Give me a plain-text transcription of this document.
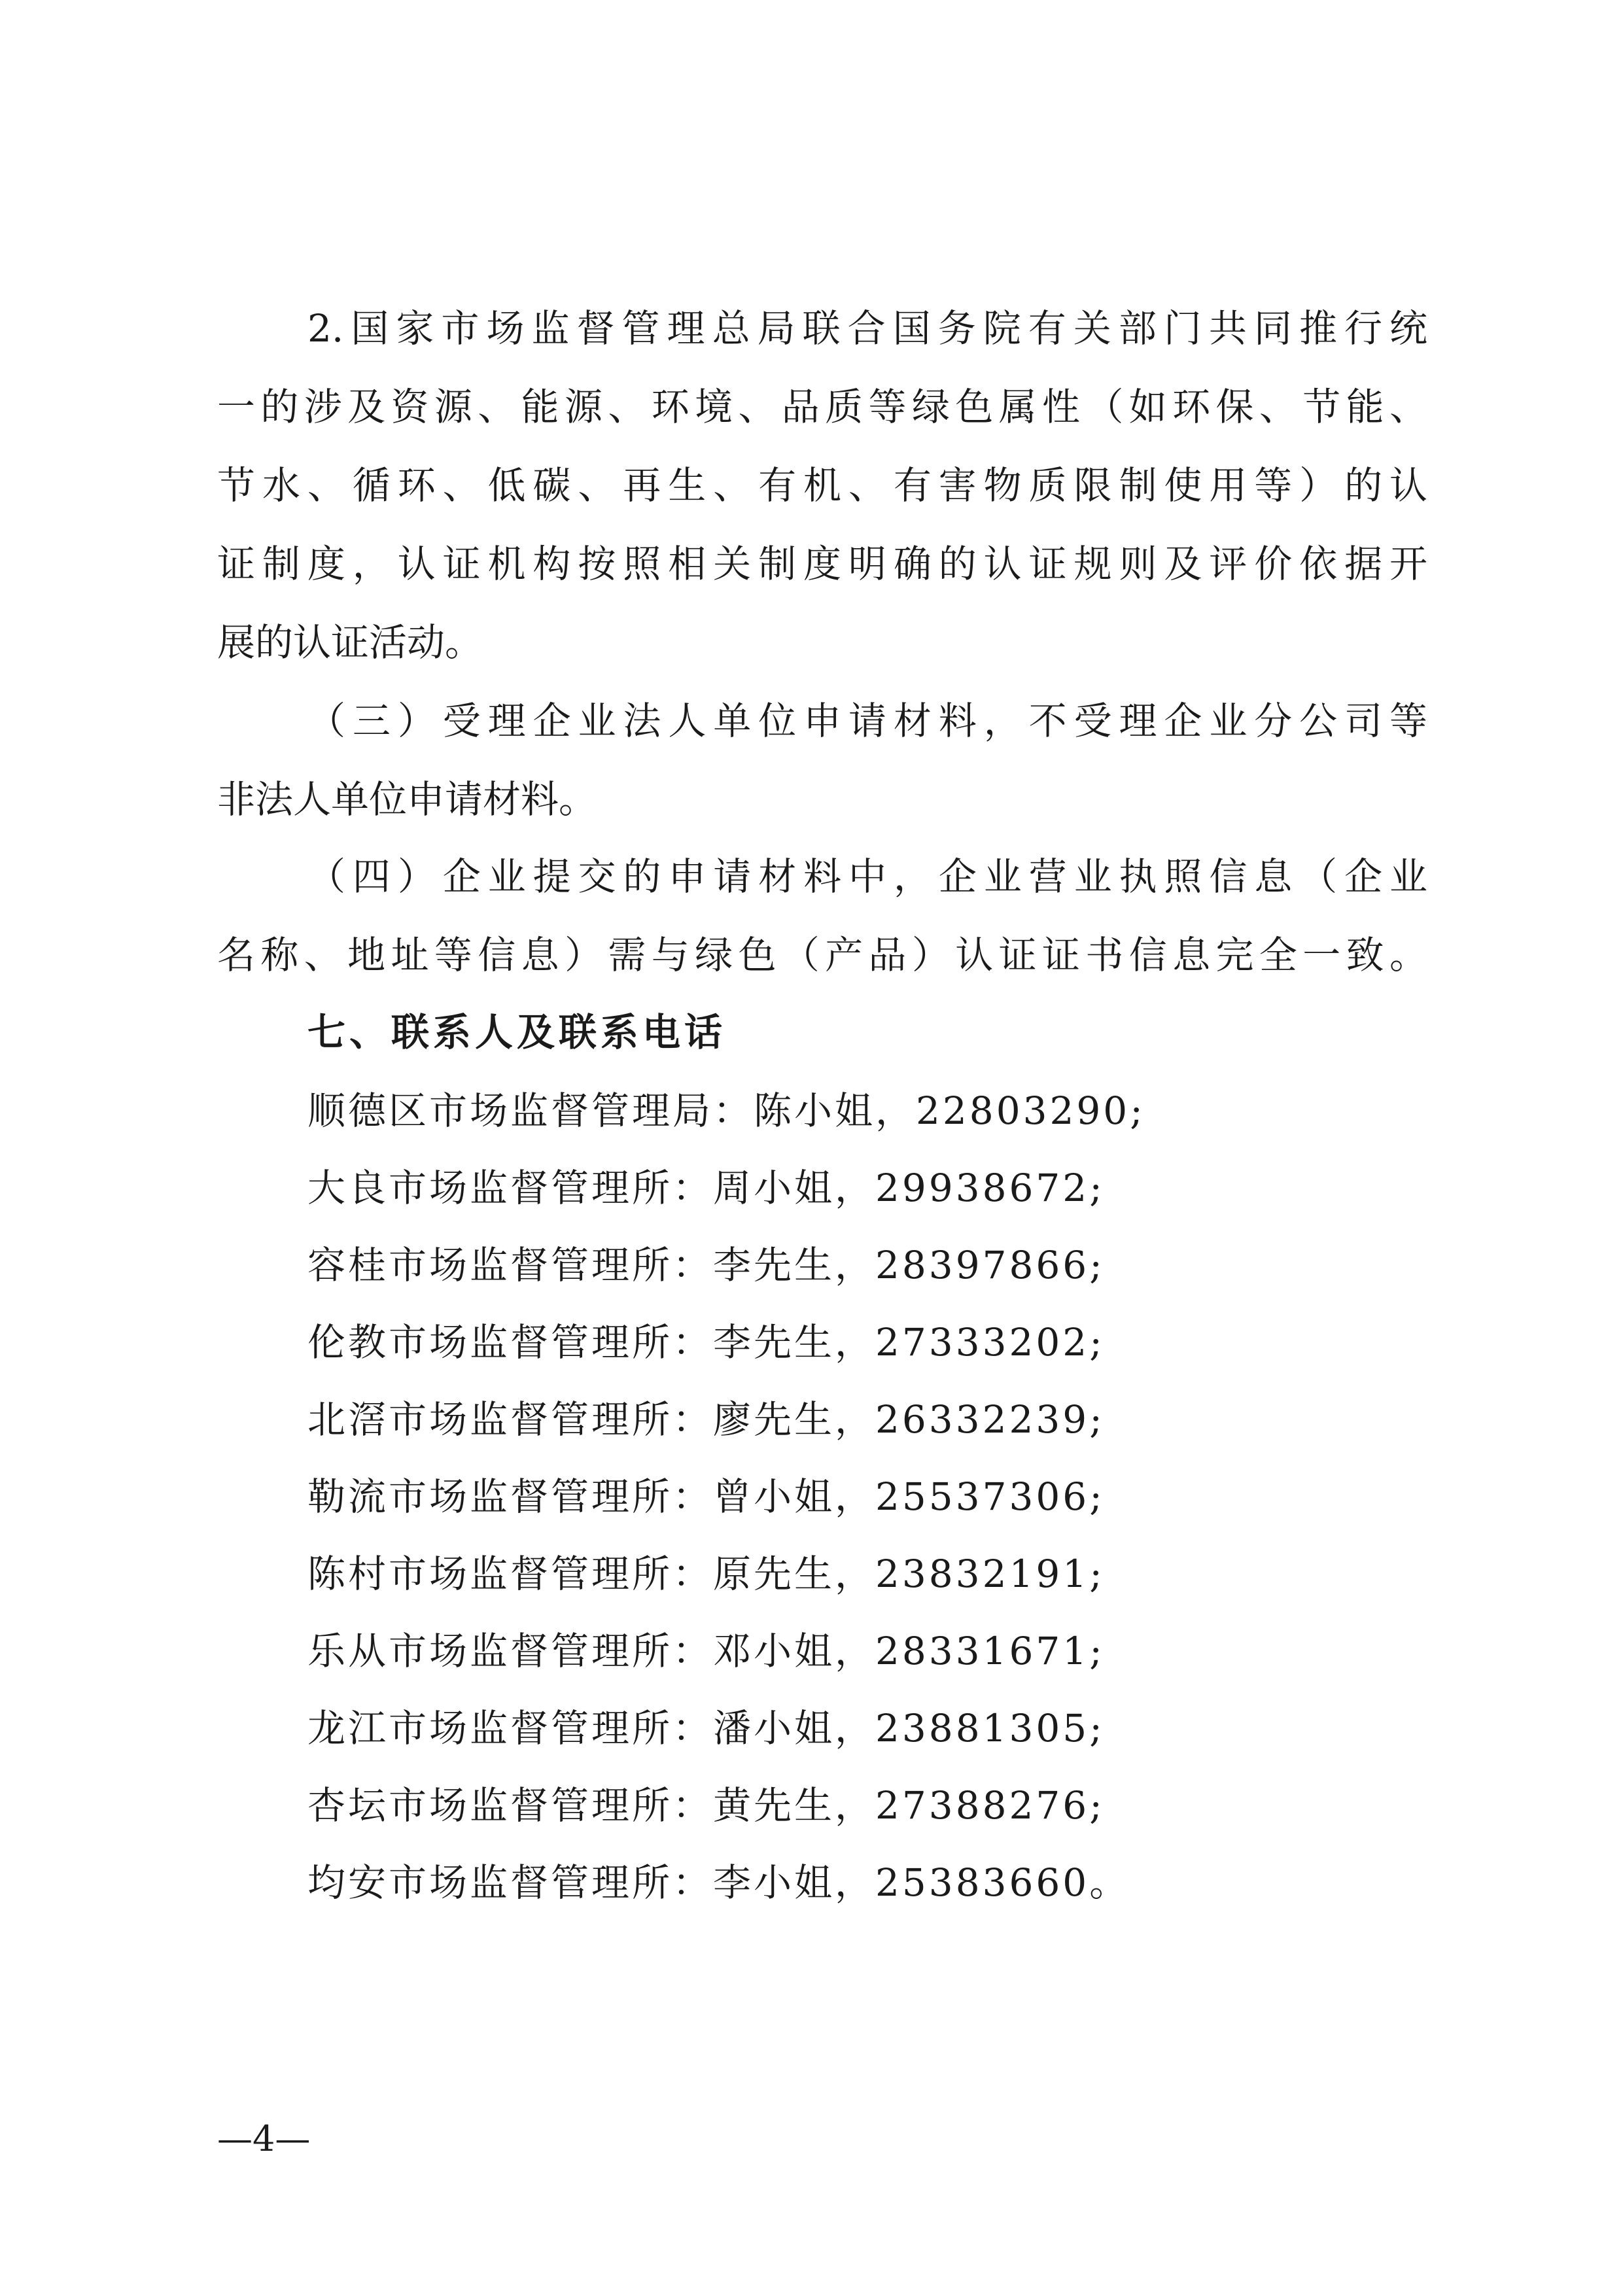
2.国家市场监督管理总局联合国务院有关部门共同推行统
一的涉及资源、能源、环境、品质等绿色属性（如环保、节能、
节水、循环、低碳、再生、有机、有害物质限制使用等）的认
证制度，认证机构按照相关制度明确的认证规则及评价依据开
展的认证活动。
（三）受理企业法人单位申请材料，不受理企业分公司等
非法人单位申请材料。
（四）企业提交的申请材料中，企业营业执照信息（企业
名称、地址等信息）需与绿色（产品）认证证书信息完全一致。
七、联系人及联系电话
顺德区市场监督管理局：陈小姐，22803290;
大良市场监督管理所：周小姐，29938672;
容桂市场监督管理所：李先生，28397866;
伦教市场监督管理所：李先生，27333202;
北滘市场监督管理所：廖先生，26332239;
勒流市场监督管理所：曾小姐，25537306;
陈村市场监督管理所：原先生，23832191;
乐从市场监督管理所：邓小姐，28331671;
龙江市场监督管理所：潘小姐，23881305;
杏坛市场监督管理所：黄先生，27388276;
均安市场监督管理所：李小姐，25383660。
—4—
